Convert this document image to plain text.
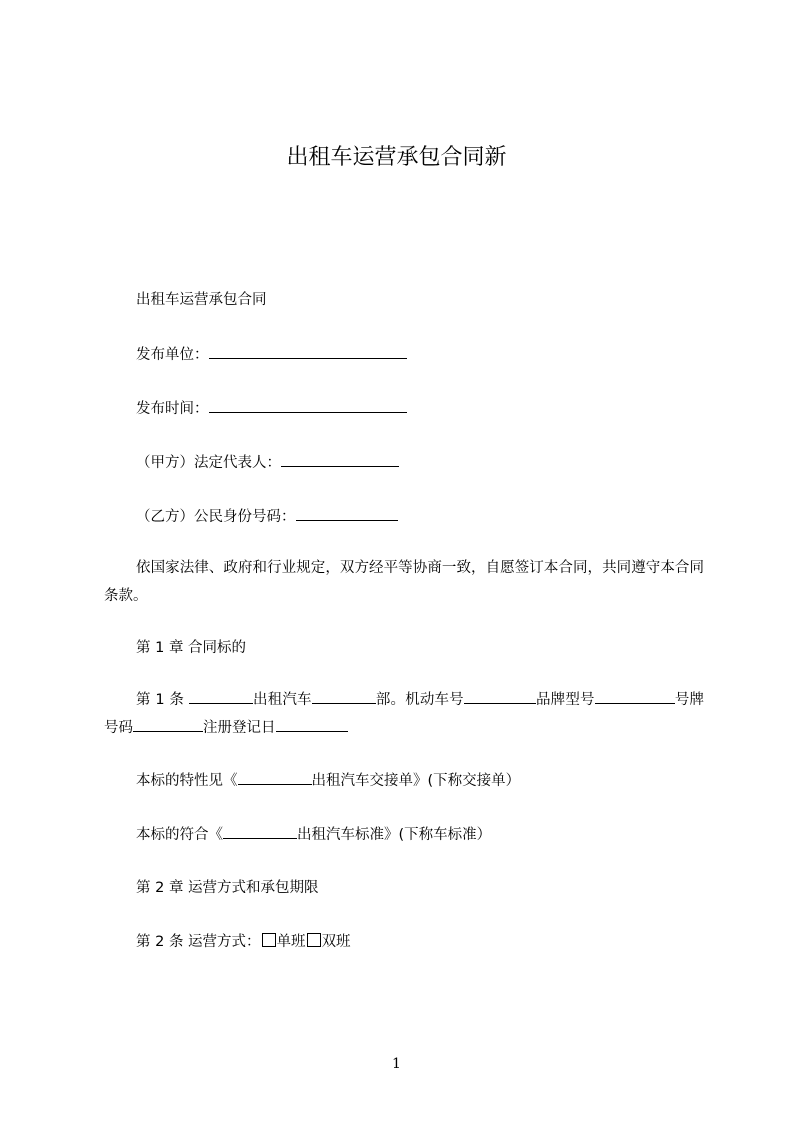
出租车运营承包合同新
出租车运营承包合同
发布单位：
发布时间：
（甲方）法定代表人：
（乙方）公民身份号码：
依国家法律、政府和行业规定，双方经平等协商一致，自愿签订本合同，共同遵守本合同条款。
第 1 章 合同标的
第 1 条	出租汽车	部。机动车号	品牌型号	号牌号码	注册登记日
本标的特性见《	出租汽车交接单》(下称交接单）
本标的符合《	出租汽车标准》(下称车标准）
第 2 章 运营方式和承包期限
第 2 条 运营方式： 单班 双班
1
